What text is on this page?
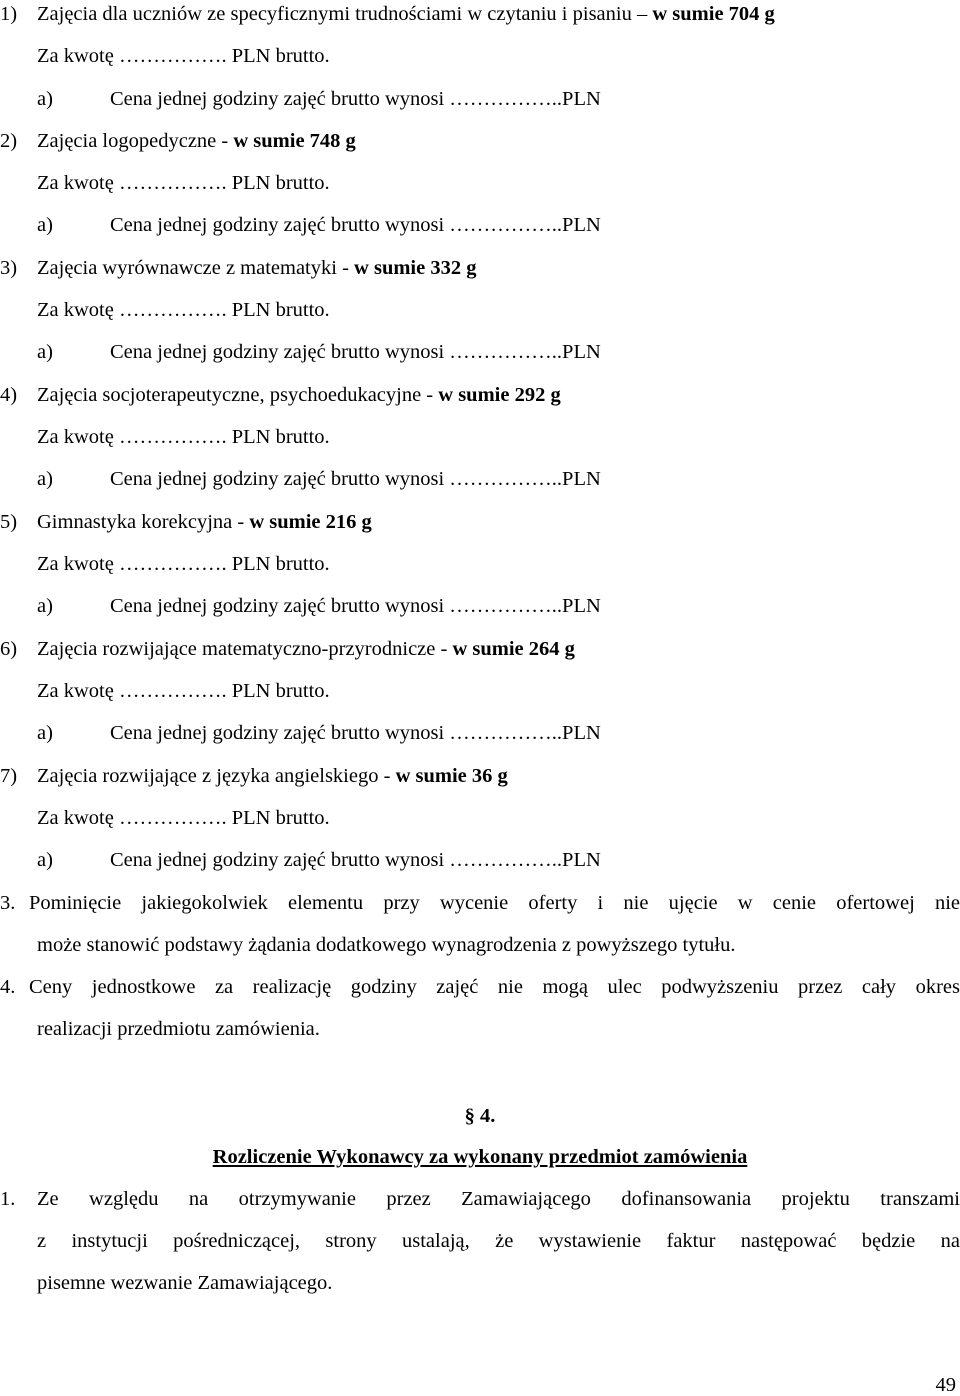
1) Zajęcia dla uczniów ze specyficznymi trudnościami w czytaniu i pisaniu – w sumie 704 g
Za kwotę ……………. PLN brutto.
a)	Cena jednej godziny zajęć brutto wynosi ……………..PLN
2) Zajęcia logopedyczne - w sumie 748 g
Za kwotę ……………. PLN brutto.
a)	Cena jednej godziny zajęć brutto wynosi ……………..PLN
3) Zajęcia wyrównawcze z matematyki - w sumie 332 g
Za kwotę ……………. PLN brutto.
a)	Cena jednej godziny zajęć brutto wynosi ……………..PLN
4) Zajęcia socjoterapeutyczne, psychoedukacyjne - w sumie 292 g
Za kwotę ……………. PLN brutto.
a)	Cena jednej godziny zajęć brutto wynosi ……………..PLN
5) Gimnastyka korekcyjna - w sumie 216 g
Za kwotę ……………. PLN brutto.
a)	Cena jednej godziny zajęć brutto wynosi ……………..PLN
6) Zajęcia rozwijające matematyczno-przyrodnicze - w sumie 264 g
Za kwotę ……………. PLN brutto.
a)	Cena jednej godziny zajęć brutto wynosi ……………..PLN
7) Zajęcia rozwijające z języka angielskiego - w sumie 36 g
Za kwotę ……………. PLN brutto.
a)	Cena jednej godziny zajęć brutto wynosi ……………..PLN
3. Pominięcie jakiegokolwiek elementu przy wycenie oferty i nie ujęcie w cenie ofertowej nie
może stanowić podstawy żądania dodatkowego wynagrodzenia z powyższego tytułu.
4. Ceny jednostkowe za realizację godziny zajęć nie mogą ulec podwyższeniu przez cały okres
realizacji przedmiotu zamówienia.
§ 4.
Rozliczenie Wykonawcy za wykonany przedmiot zamówienia
1. Ze względu na otrzymywanie przez Zamawiającego dofinansowania projektu transzami
z instytucji pośredniczącej, strony ustalają, że wystawienie faktur następować będzie na
pisemne wezwanie Zamawiającego.
49
